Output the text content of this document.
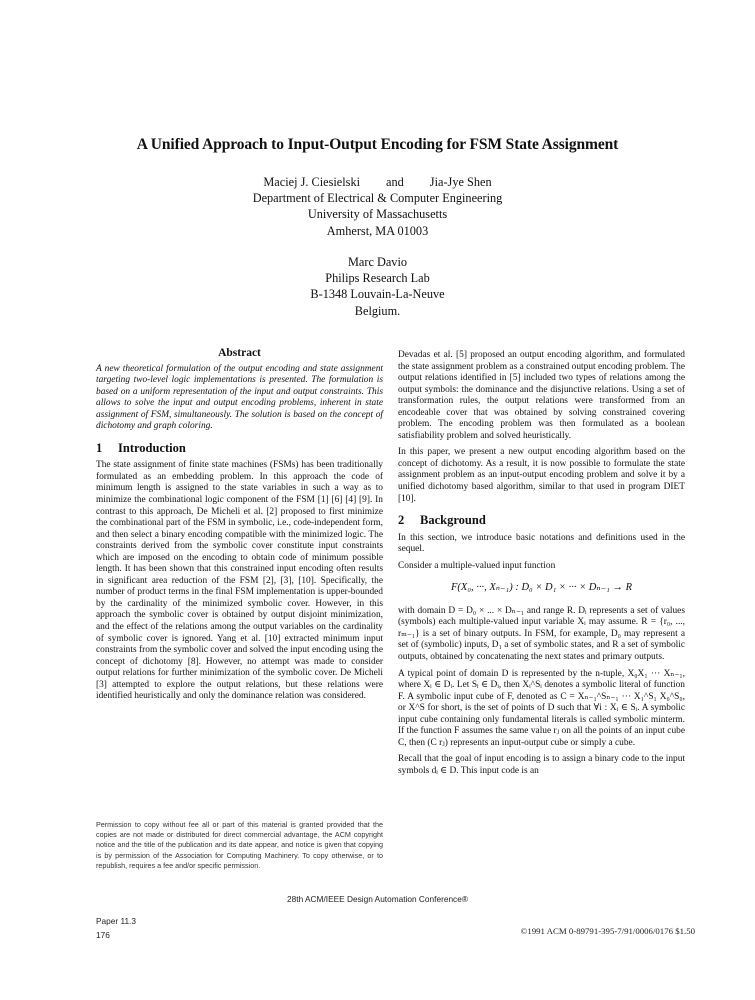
A Unified Approach to Input-Output Encoding for FSM State Assignment
Maciej J. Ciesielski and Jia-Jye Shen
Department of Electrical & Computer Engineering
University of Massachusetts
Amherst, MA 01003
Marc Davio
Philips Research Lab
B-1348 Louvain-La-Neuve
Belgium.
Abstract

A new theoretical formulation of the output encoding and state assignment targeting two-level logic implementations is presented. The formulation is based on a uniform representation of the input and output constraints. This allows to solve the input and output encoding problems, inherent in state assignment of FSM, simultaneously. The solution is based on the concept of dichotomy and graph coloring.

1 Introduction

The state assignment of finite state machines (FSMs) has been traditionally formulated as an embedding problem. In this approach the code of minimum length is assigned to the state variables in such a way as to minimize the combinational logic component of the FSM [1] [6] [4] [9]. In contrast to this approach, De Micheli et al. [2] proposed to first minimize the combinational part of the FSM in symbolic, i.e., code-independent form, and then select a binary encoding compatible with the minimized logic. The constraints derived from the symbolic cover constitute input constraints which are imposed on the encoding to obtain code of minimum possible length. It has been shown that this constrained input encoding often results in significant area reduction of the FSM [2], [3], [10]. Specifically, the number of product terms in the final FSM implementation is upper-bounded by the cardinality of the minimized symbolic cover. However, in this approach the symbolic cover is obtained by output disjoint minimization, and the effect of the relations among the output variables on the cardinality of symbolic cover is ignored. Yang et al. [10] extracted minimum input constraints from the symbolic cover and solved the input encoding using the concept of dichotomy [8]. However, no attempt was made to consider output relations for further minimization of the symbolic cover. De Micheli [3] attempted to explore the output relations, but these relations were identified heuristically and only the dominance relation was considered.

Permission to copy without fee all or part of this material is granted provided that the copies are not made or distributed for direct commercial advantage, the ACM copyright notice and the title of the publication and its date appear, and notice is given that copying is by permission of the Association for Computing Machinery. To copy otherwise, or to republish, requires a fee and/or specific permission.

Devadas et al. [5] proposed an output encoding algorithm, and formulated the state assignment problem as a constrained output encoding problem. The output relations identified in [5] included two types of relations among the output symbols: the dominance and the disjunctive relations. Using a set of transformation rules, the output relations were transformed from an encodeable cover that was obtained by solving constrained covering problem. The encoding problem was then formulated as a boolean satisfiability problem and solved heuristically.

In this paper, we present a new output encoding algorithm based on the concept of dichotomy. As a result, it is now possible to formulate the state assignment problem as an input-output encoding problem and solve it by a unified dichotomy based algorithm, similar to that used in program DIET [10].

2 Background

In this section, we introduce basic notations and definitions used in the sequel.

Consider a multiple-valued input function

F(X₀, ···, Xₙ₋₁) : D₀ × D₁ × ··· × Dₙ₋₁ → R

with domain D = D₀ × ... × Dₙ₋₁ and range R. Dᵢ represents a set of values (symbols) each multiple-valued input variable Xᵢ may assume. R = {r₀, ..., rₘ₋₁} is a set of binary outputs. In FSM, for example, D₀ may represent a set of (symbolic) inputs, D₁ a set of symbolic states, and R a set of symbolic outputs, obtained by concatenating the next states and primary outputs.

A typical point of domain D is represented by the n-tuple, X₀X₁ ··· Xₙ₋₁, where Xᵢ ∈ Dᵢ. Let Sᵢ ∈ Dᵢ, then Xᵢ^Sᵢ denotes a symbolic literal of function F. A symbolic input cube of F, denoted as C = Xₙ₋₁^Sₙ₋₁ ··· X₁^S₁ X₀^S₀, or X^S for short, is the set of points of D such that ∀i : Xᵢ ∈ Sᵢ. A symbolic input cube containing only fundamental literals is called symbolic minterm. If the function F assumes the same value rⱼ on all the points of an input cube C, then (C rⱼ) represents an input-output cube or simply a cube.

Recall that the goal of input encoding is to assign a binary code to the input symbols dᵢ ∈ D. This input code is an

28th ACM/IEEE Design Automation Conference®
Paper 11.3
176	©1991 ACM 0-89791-395-7/91/0006/0176 $1.50
